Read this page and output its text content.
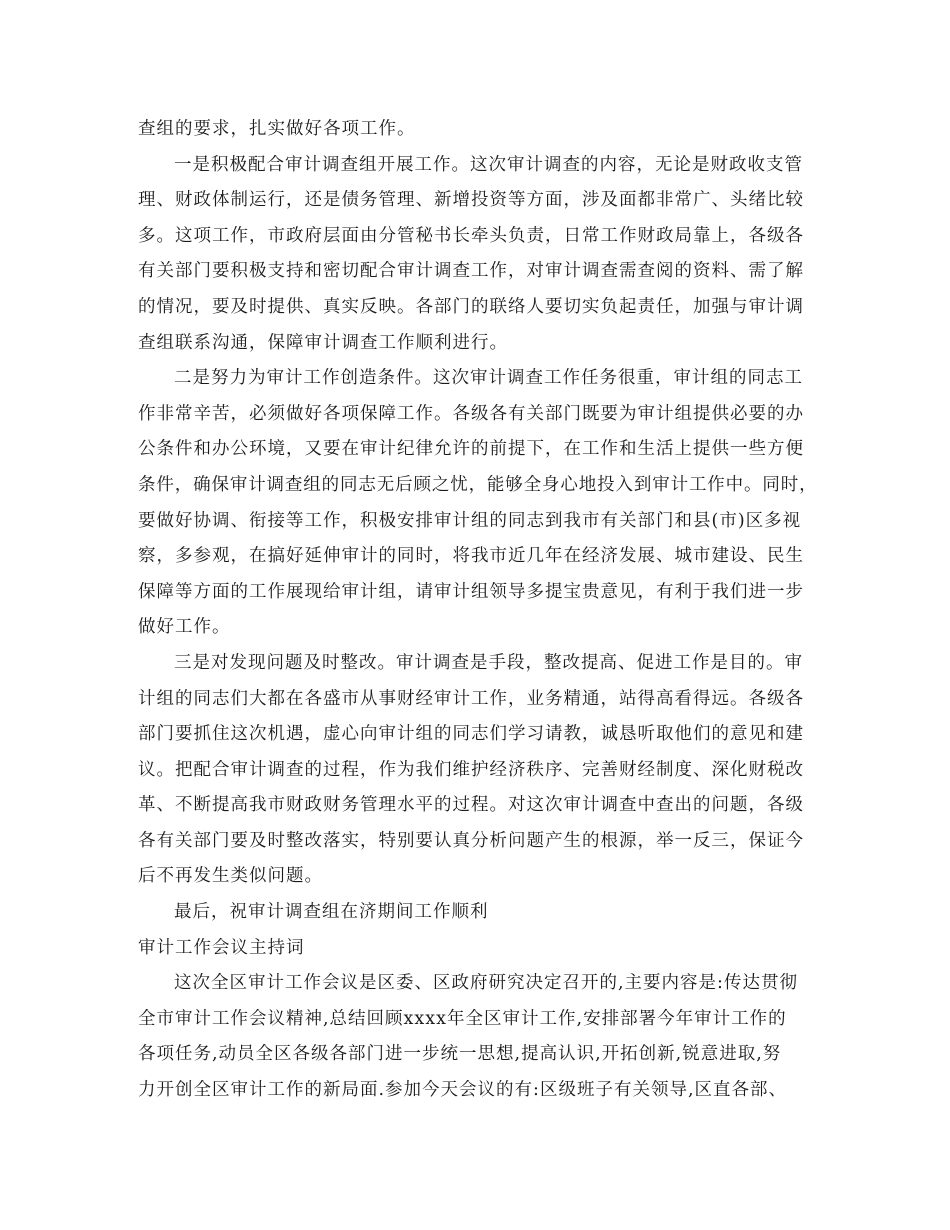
查组的要求，扎实做好各项工作。
一是积极配合审计调查组开展工作。这次审计调查的内容，无论是财政收支管
理、财政体制运行，还是债务管理、新增投资等方面，涉及面都非常广、头绪比较
多。这项工作，市政府层面由分管秘书长牵头负责，日常工作财政局靠上，各级各
有关部门要积极支持和密切配合审计调查工作，对审计调查需查阅的资料、需了解
的情况，要及时提供、真实反映。各部门的联络人要切实负起责任，加强与审计调
查组联系沟通，保障审计调查工作顺利进行。
二是努力为审计工作创造条件。这次审计调查工作任务很重，审计组的同志工
作非常辛苦，必须做好各项保障工作。各级各有关部门既要为审计组提供必要的办
公条件和办公环境，又要在审计纪律允许的前提下，在工作和生活上提供一些方便
条件，确保审计调查组的同志无后顾之忧，能够全身心地投入到审计工作中。同时，
要做好协调、衔接等工作，积极安排审计组的同志到我市有关部门和县(市)区多视
察，多参观，在搞好延伸审计的同时，将我市近几年在经济发展、城市建设、民生
保障等方面的工作展现给审计组，请审计组领导多提宝贵意见，有利于我们进一步
做好工作。
三是对发现问题及时整改。审计调查是手段，整改提高、促进工作是目的。审
计组的同志们大都在各盛市从事财经审计工作，业务精通，站得高看得远。各级各
部门要抓住这次机遇，虚心向审计组的同志们学习请教，诚恳听取他们的意见和建
议。把配合审计调查的过程，作为我们维护经济秩序、完善财经制度、深化财税改
革、不断提高我市财政财务管理水平的过程。对这次审计调查中查出的问题，各级
各有关部门要及时整改落实，特别要认真分析问题产生的根源，举一反三，保证今
后不再发生类似问题。
最后，祝审计调查组在济期间工作顺利
审计工作会议主持词
这次全区审计工作会议是区委、区政府研究决定召开的,主要内容是:传达贯彻
全市审计工作会议精神,总结回顾xxxx年全区审计工作,安排部署今年审计工作的
各项任务,动员全区各级各部门进一步统一思想,提高认识,开拓创新,锐意进取,努
力开创全区审计工作的新局面.参加今天会议的有:区级班子有关领导,区直各部、
